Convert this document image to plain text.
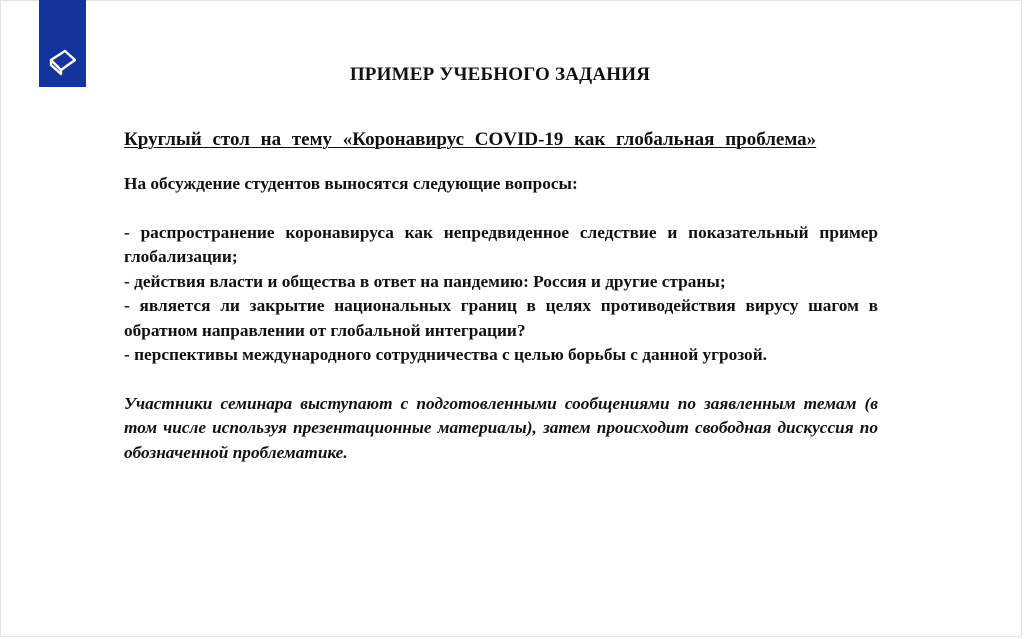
ПРИМЕР УЧЕБНОГО ЗАДАНИЯ

Круглый стол на тему «Коронавирус COVID-19 как глобальная проблема»

На обсуждение студентов выносятся следующие вопросы:

- распространение коронавируса как непредвиденное следствие и показательный пример глобализации;

- действия власти и общества в ответ на пандемию: Россия и другие страны;

- является ли закрытие национальных границ в целях противодействия вирусу шагом в обратном направлении от глобальной интеграции?

- перспективы международного сотрудничества с целью борьбы с данной угрозой.

Участники семинара выступают с подготовленными сообщениями по заявленным темам (в том числе используя презентационные материалы), затем происходит свободная дискуссия по обозначенной проблематике.
